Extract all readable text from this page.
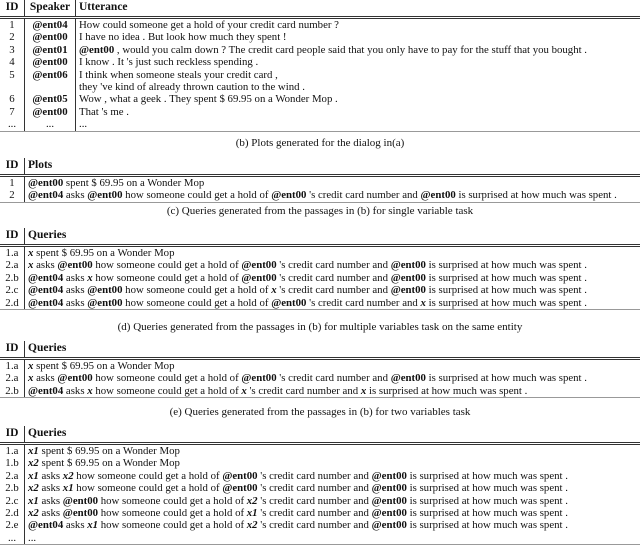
ID	Speaker	Utterance
1	@ent04	How could someone get a hold of your credit card number ?
2	@ent00	I have no idea . But look how much they spent !
3	@ent01	@ent00 , would you calm down ? The credit card people said that you only have to pay for the stuff that you bought .
4	@ent00	I know . It 's just such reckless spending .
5	@ent06	I think when someone steals your credit card ,
		they 've kind of already thrown caution to the wind .
6	@ent05	Wow , what a geek . They spent $ 69.95 on a Wonder Mop .
7	@ent00	That 's me .
...	...	...
(b) Plots generated for the dialog in(a)
ID	Plots
1	@ent00 spent $ 69.95 on a Wonder Mop
2	@ent04 asks @ent00 how someone could get a hold of @ent00 's credit card number and @ent00 is surprised at how much was spent .
(c) Queries generated from the passages in (b) for single variable task
ID	Queries
1.a	x spent $ 69.95 on a Wonder Mop
2.a	x asks @ent00 how someone could get a hold of @ent00 's credit card number and @ent00 is surprised at how much was spent .
2.b	@ent04 asks x how someone could get a hold of @ent00 's credit card number and @ent00 is surprised at how much was spent .
2.c	@ent04 asks @ent00 how someone could get a hold of x 's credit card number and @ent00 is surprised at how much was spent .
2.d	@ent04 asks @ent00 how someone could get a hold of @ent00 's credit card number and x is surprised at how much was spent .
(d) Queries generated from the passages in (b) for multiple variables task on the same entity
ID	Queries
1.a	x spent $ 69.95 on a Wonder Mop
2.a	x asks @ent00 how someone could get a hold of @ent00 's credit card number and @ent00 is surprised at how much was spent .
2.b	@ent04 asks x how someone could get a hold of x 's credit card number and x is surprised at how much was spent .
(e) Queries generated from the passages in (b) for two variables task
ID	Queries
1.a	x1 spent $ 69.95 on a Wonder Mop
1.b	x2 spent $ 69.95 on a Wonder Mop
2.a	x1 asks x2 how someone could get a hold of @ent00 's credit card number and @ent00 is surprised at how much was spent .
2.b	x2 asks x1 how someone could get a hold of @ent00 's credit card number and @ent00 is surprised at how much was spent .
2.c	x1 asks @ent00 how someone could get a hold of x2 's credit card number and @ent00 is surprised at how much was spent .
2.d	x2 asks @ent00 how someone could get a hold of x1 's credit card number and @ent00 is surprised at how much was spent .
2.e	@ent04 asks x1 how someone could get a hold of x2 's credit card number and @ent00 is surprised at how much was spent .
...	...
